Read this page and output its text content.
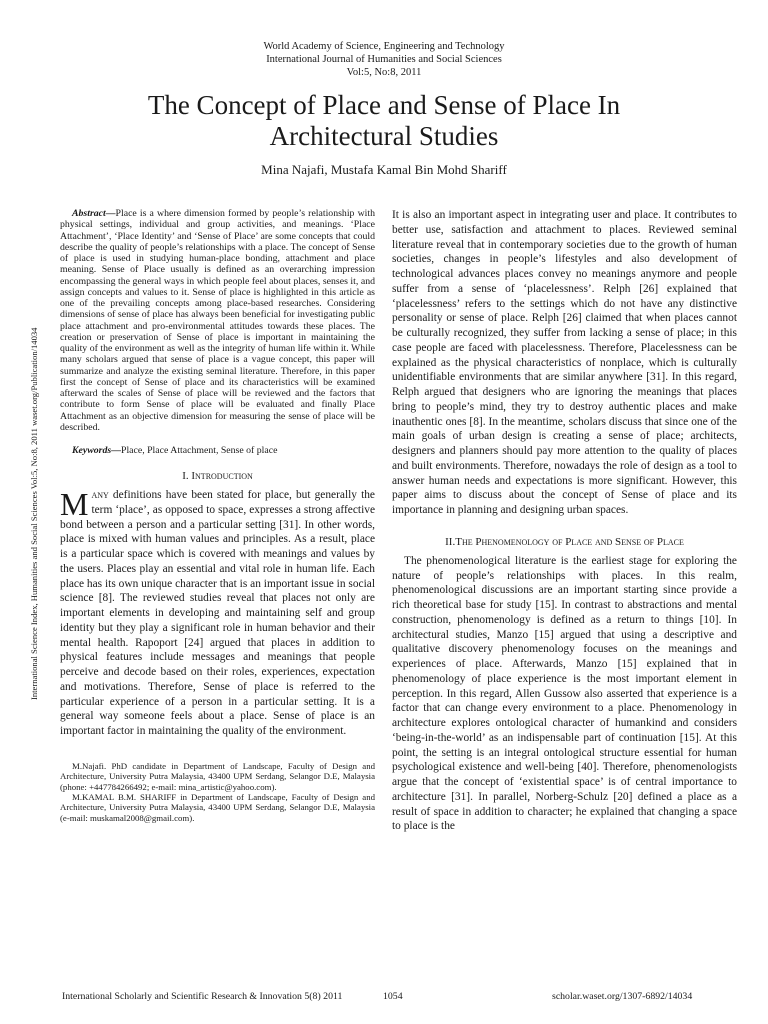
World Academy of Science, Engineering and Technology
International Journal of Humanities and Social Sciences
Vol:5, No:8, 2011
The Concept of Place and Sense of Place In
Architectural Studies
Mina Najafi, Mustafa Kamal Bin Mohd Shariff
International Science Index, Humanities and Social Sciences Vol:5, No:8, 2011 waset.org/Publication/14034

Abstract—Place is a where dimension formed by people’s relationship with physical settings, individual and group activities, and meanings. ‘Place Attachment’, ‘Place Identity’ and ‘Sense of Place’ are some concepts that could describe the quality of people’s relationships with a place. The concept of Sense of place is used in studying human-place bonding, attachment and place meaning. Sense of Place usually is defined as an overarching impression encompassing the general ways in which people feel about places, senses it, and assign concepts and values to it. Sense of place is highlighted in this article as one of the prevailing concepts among place-based researches. Considering dimensions of sense of place has always been beneficial for investigating public place attachment and pro-environmental attitudes towards these places. The creation or preservation of Sense of place is important in maintaining the quality of the environment as well as the integrity of human life within it. While many scholars argued that sense of place is a vague concept, this paper will summarize and analyze the existing seminal literature. Therefore, in this paper first the concept of Sense of place and its characteristics will be examined afterward the scales of Sense of place will be reviewed and the factors that contribute to form Sense of place will be evaluated and finally Place Attachment as an objective dimension for measuring the sense of place will be described.

Keywords—Place, Place Attachment, Sense of place

I. Introduction

Many definitions have been stated for place, but generally the term ‘place’, as opposed to space, expresses a strong affective bond between a person and a particular setting [31]. In other words, place is mixed with human values and principles. As a result, place is a particular space which is covered with meanings and values by the users. Places play an essential and vital role in human life. Each place has its own unique character that is an important issue in social science [8]. The reviewed studies reveal that places not only are important elements in developing and maintaining self and group identity but they play a significant role in human behavior and their mental health. Rapoport [24] argued that places in addition to physical features include messages and meanings that people perceive and decode based on their roles, experiences, expectation and motivations. Therefore, Sense of place is referred to the particular experience of a person in a particular setting. It is a general way someone feels about a place. Sense of place is an important factor in maintaining the quality of the environment.

M.Najafi. PhD candidate in Department of Landscape, Faculty of Design and Architecture, University Putra Malaysia, 43400 UPM Serdang, Selangor D.E, Malaysia (phone: +447784266492; e-mail: mina_artistic@yahoo.com).

M.KAMAL B.M. SHARIFF in Department of Landscape, Faculty of Design and Architecture, University Putra Malaysia, 43400 UPM Serdang, Selangor D.E, Malaysia (e-mail: muskamal2008@gmail.com).

It is also an important aspect in integrating user and place. It contributes to better use, satisfaction and attachment to places. Reviewed seminal literature reveal that in contemporary societies due to the growth of human societies, changes in people’s lifestyles and also development of technological advances places convey no meanings anymore and people suffer from a sense of ‘placelessness’. Relph [26] explained that ‘placelessness’ refers to the settings which do not have any distinctive personality or sense of place. Relph [26] claimed that when places cannot be culturally recognized, they suffer from lacking a sense of place; in this case people are faced with placelessness. Therefore, Placelessness can be explained as the physical characteristics of nonplace, which is culturally unidentifiable environments that are similar anywhere [31]. In this regard, Relph argued that designers who are ignoring the meanings that places bring to people’s mind, they try to destroy authentic places and make inauthentic ones [8]. In the meantime, scholars discuss that since one of the main goals of urban design is creating a sense of place; architects, designers and planners should pay more attention to the quality of places and built environments. Therefore, nowadays the role of design as a tool to answer human needs and expectations is more significant. However, this paper aims to discuss about the concept of Sense of place and its importance in planning and designing urban spaces.

II.The Phenomenology of Place and Sense of Place

The phenomenological literature is the earliest stage for exploring the nature of people’s relationships with places. In this realm, phenomenological discussions are an important starting since provide a rich theoretical base for study [15]. In contrast to abstractions and mental construction, phenomenology is defined as a return to things [10]. In architectural studies, Manzo [15] argued that using a descriptive and qualitative discovery phenomenology focuses on the meanings and experiences of place. Afterwards, Manzo [15] explained that in phenomenology of place experience is the most important element in perception. In this regard, Allen Gussow also asserted that experience is a factor that can change every environment to a place. Phenomenology in architecture explores ontological character of humankind and considers ‘being-in-the-world’ as an indispensable part of continuation [15]. At this point, the setting is an integral ontological structure essential for human psychological existence and well-being [40]. Therefore, phenomenologists argue that the concept of ‘existential space’ is of central importance to architecture [31]. In parallel, Norberg-Schulz [20] defined a place as a result of space in addition to character; he explained that changing a space to place is the

International Scholarly and Scientific Research & Innovation 5(8) 2011	1054	scholar.waset.org/1307-6892/14034
